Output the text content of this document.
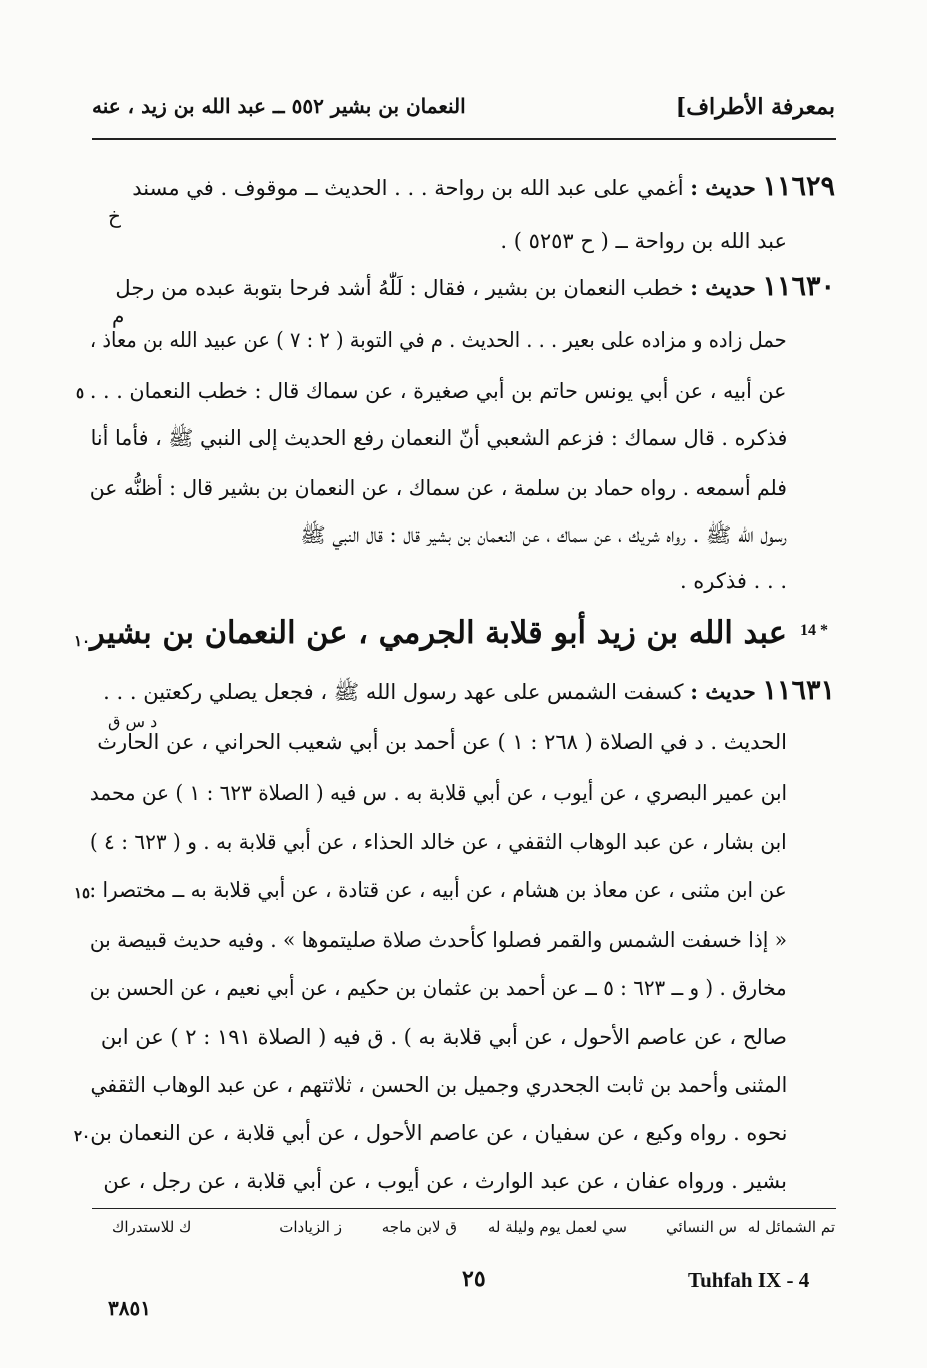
بمعرفة الأطراف]
النعمان بن بشير ٥٥٢ ــ عبد الله بن زيد ، عنه
١١٦٢٩ حديث : أغمي على عبد الله بن رواحة . . . الحديث ــ موقوف . في مسند
خ
عبد الله بن رواحة ــ ( ح ٥٢٥٣ ) .
١١٦٣٠ حديث : خطب النعمان بن بشير ، فقال : لَلّٰهُ أشد فرحا بتوبة عبده من رجل
م
حمل زاده و مزاده على بعير . . . الحديث . م في التوبة ( ٢ : ٧ ) عن عبيد الله بن معاذ ،
عن أبيه ، عن أبي يونس حاتم بن أبي صغيرة ، عن سماك قال : خطب النعمان . . .
فذكره . قال سماك : فزعم الشعبي أنّ النعمان رفع الحديث إلى النبي ﷺ ، فأما أنا
فلم أسمعه . رواه حماد بن سلمة ، عن سماك ، عن النعمان بن بشير قال : أظنُّه عن
رسول الله ﷺ . رواه شريك ، عن سماك ، عن النعمان بن بشير قال : قال النبي ﷺ
. . . فذكره .
14 *
عبد الله بن زيد أبو قلابة الجرمي ، عن النعمان بن بشير
١١٦٣١ حديث : كسفت الشمس على عهد رسول الله ﷺ ، فجعل يصلي ركعتين . . .
د س ق
الحديث . د في الصلاة ( ٢٦٨ : ١ ) عن أحمد بن أبي شعيب الحراني ، عن الحارث
ابن عمير البصري ، عن أيوب ، عن أبي قلابة به . س فيه ( الصلاة ٦٢٣ : ١ ) عن محمد
ابن بشار ، عن عبد الوهاب الثقفي ، عن خالد الحذاء ، عن أبي قلابة به . و ( ٦٢٣ : ٤ )
عن ابن مثنى ، عن معاذ بن هشام ، عن أبيه ، عن قتادة ، عن أبي قلابة به ــ مختصرا :
« إذا خسفت الشمس والقمر فصلوا كأحدث صلاة صليتموها » . وفيه حديث قبيصة بن
مخارق . ( و ــ ٦٢٣ : ٥ ــ عن أحمد بن عثمان بن حكيم ، عن أبي نعيم ، عن الحسن بن
صالح ، عن عاصم الأحول ، عن أبي قلابة به ) . ق فيه ( الصلاة ١٩١ : ٢ ) عن ابن
المثنى وأحمد بن ثابت الجحدري وجميل بن الحسن ، ثلاثتهم ، عن عبد الوهاب الثقفي
نحوه . رواه وكيع ، عن سفيان ، عن عاصم الأحول ، عن أبي قلابة ، عن النعمان بن
بشير . ورواه عفان ، عن عبد الوارث ، عن أيوب ، عن أبي قلابة ، عن رجل ، عن
٥
١٠
١٥
٢٠
تم الشمائل له
س النسائي
سي لعمل يوم وليلة له
ق لابن ماجه
ز الزيادات
ك للاستدراك
Tuhfah IX - 4
٢٥
٣٨٥١
